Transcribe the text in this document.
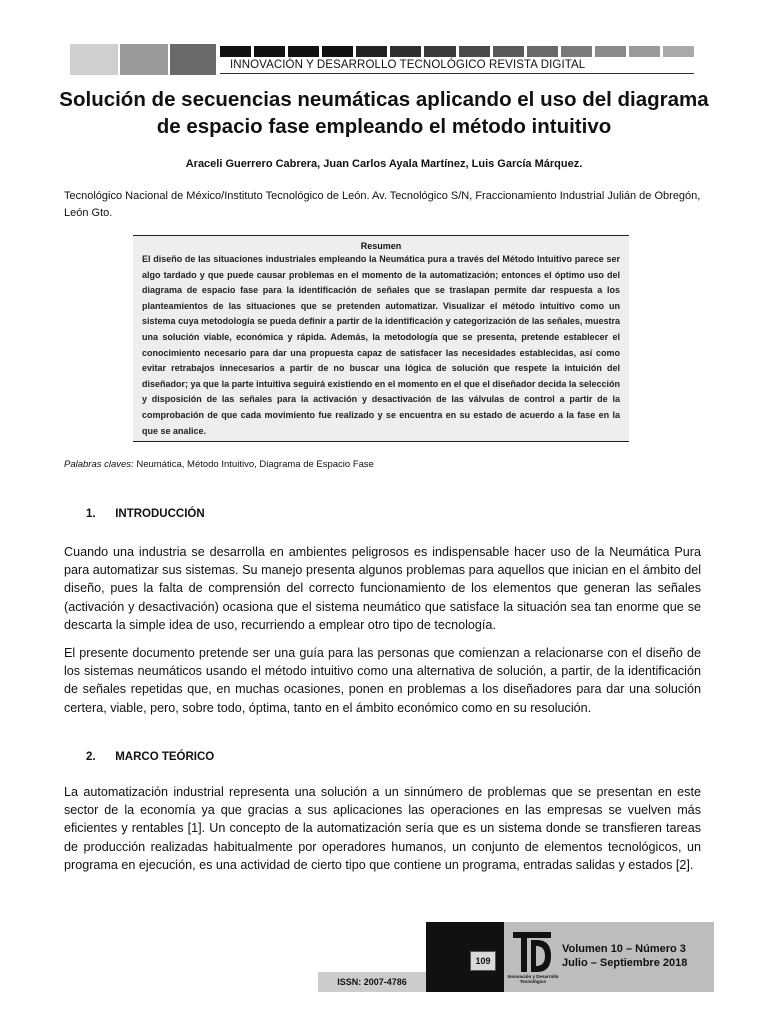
INNOVACIÓN Y DESARROLLO TECNOLÓGICO REVISTA DIGITAL
Solución de secuencias neumáticas aplicando el uso del diagrama
de espacio fase empleando el método intuitivo
Araceli Guerrero Cabrera, Juan Carlos Ayala Martínez, Luis García Márquez.
Tecnológico Nacional de México/Instituto Tecnológico de León. Av. Tecnológico S/N, Fraccionamiento Industrial Julián de Obregón, León Gto.
Resumen
El diseño de las situaciones industriales empleando la Neumática pura a través del Método Intuitivo parece ser algo tardado y que puede causar problemas en el momento de la automatización; entonces el óptimo uso del diagrama de espacio fase para la identificación de señales que se traslapan permite dar respuesta a los planteamientos de las situaciones que se pretenden automatizar. Visualizar el método intuitivo como un sistema cuya metodología se pueda definir a partir de la identificación y categorización de las señales, muestra una solución viable, económica y rápida. Además, la metodología que se presenta, pretende establecer el conocimiento necesario para dar una propuesta capaz de satisfacer las necesidades establecidas, así como evitar retrabajos innecesarios a partir de no buscar una lógica de solución que respete la intuición del diseñador; ya que la parte intuitiva seguirá existiendo en el momento en el que el diseñador decida la selección y disposición de las señales para la activación y desactivación de las válvulas de control a partir de la comprobación de que cada movimiento fue realizado y se encuentra en su estado de acuerdo a la fase en la que se analice.
Palabras claves: Neumática, Método Intuitivo, Diagrama de Espacio Fase
1. INTRODUCCIÓN
Cuando una industria se desarrolla en ambientes peligrosos es indispensable hacer uso de la Neumática Pura para automatizar sus sistemas. Su manejo presenta algunos problemas para aquellos que inician en el ámbito del diseño, pues la falta de comprensión del correcto funcionamiento de los elementos que generan las señales (activación y desactivación) ocasiona que el sistema neumático que satisface la situación sea tan enorme que se descarta la simple idea de uso, recurriendo a emplear otro tipo de tecnología.
El presente documento pretende ser una guía para las personas que comienzan a relacionarse con el diseño de los sistemas neumáticos usando el método intuitivo como una alternativa de solución, a partir, de la identificación de señales repetidas que, en muchas ocasiones, ponen en problemas a los diseñadores para dar una solución certera, viable, pero, sobre todo, óptima, tanto en el ámbito económico como en su resolución.
2. MARCO TEÓRICO
La automatización industrial representa una solución a un sinnúmero de problemas que se presentan en este sector de la economía ya que gracias a sus aplicaciones las operaciones en las empresas se vuelven más eficientes y rentables [1]. Un concepto de la automatización sería que es un sistema donde se transfieren tareas de producción realizadas habitualmente por operadores humanos, un conjunto de elementos tecnológicos, un programa en ejecución, es una actividad de cierto tipo que contiene un programa, entradas salidas y estados [2].
ISSN: 2007-4786
109
Innovación y Desarrollo Tecnológico
Volumen 10 – Número 3
Julio – Septiembre 2018
